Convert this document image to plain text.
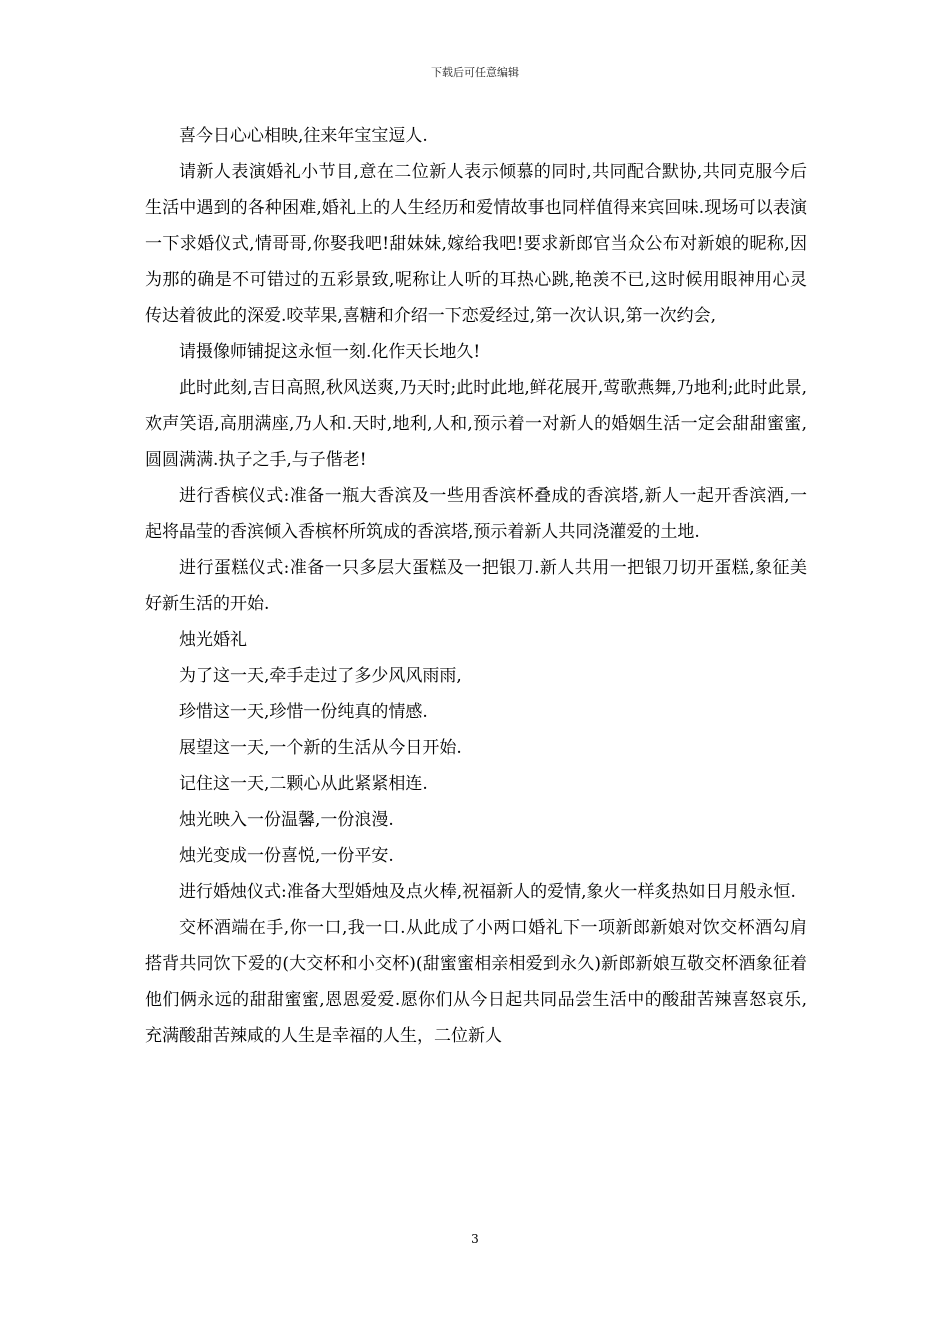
下载后可任意编辑

喜今日心心相映,往来年宝宝逗人.

请新人表演婚礼小节目,意在二位新人表示倾慕的同时,共同配合默协,共同克服今后生活中遇到的各种困难,婚礼上的人生经历和爱情故事也同样值得来宾回味.现场可以表演一下求婚仪式,情哥哥,你娶我吧!甜妹妹,嫁给我吧!要求新郎官当众公布对新娘的昵称,因为那的确是不可错过的五彩景致,呢称让人听的耳热心跳,艳羡不已,这时候用眼神用心灵传达着彼此的深爱.咬苹果,喜糖和介绍一下恋爱经过,第一次认识,第一次约会,

请摄像师铺捉这永恒一刻.化作天长地久!

此时此刻,吉日高照,秋风送爽,乃天时;此时此地,鲜花展开,莺歌燕舞,乃地利;此时此景,欢声笑语,高朋满座,乃人和.天时,地利,人和,预示着一对新人的婚姻生活一定会甜甜蜜蜜,圆圆满满.执子之手,与子偕老!

进行香槟仪式:准备一瓶大香滨及一些用香滨杯叠成的香滨塔,新人一起开香滨酒,一起将晶莹的香滨倾入香槟杯所筑成的香滨塔,预示着新人共同浇灌爱的土地.

进行蛋糕仪式:准备一只多层大蛋糕及一把银刀.新人共用一把银刀切开蛋糕,象征美好新生活的开始.

烛光婚礼

为了这一天,牵手走过了多少风风雨雨,

珍惜这一天,珍惜一份纯真的情感.

展望这一天,一个新的生活从今日开始.

记住这一天,二颗心从此紧紧相连.

烛光映入一份温馨,一份浪漫.

烛光变成一份喜悦,一份平安.

进行婚烛仪式:准备大型婚烛及点火棒,祝福新人的爱情,象火一样炙热如日月般永恒.

交杯酒端在手,你一口,我一口.从此成了小两口婚礼下一项新郎新娘对饮交杯酒勾肩搭背共同饮下爱的(大交杯和小交杯)(甜蜜蜜相亲相爱到永久)新郎新娘互敬交杯酒象征着他们俩永远的甜甜蜜蜜,恩恩爱爱.愿你们从今日起共同品尝生活中的酸甜苦辣喜怒哀乐,充满酸甜苦辣咸的人生是幸福的人生，二位新人

3
